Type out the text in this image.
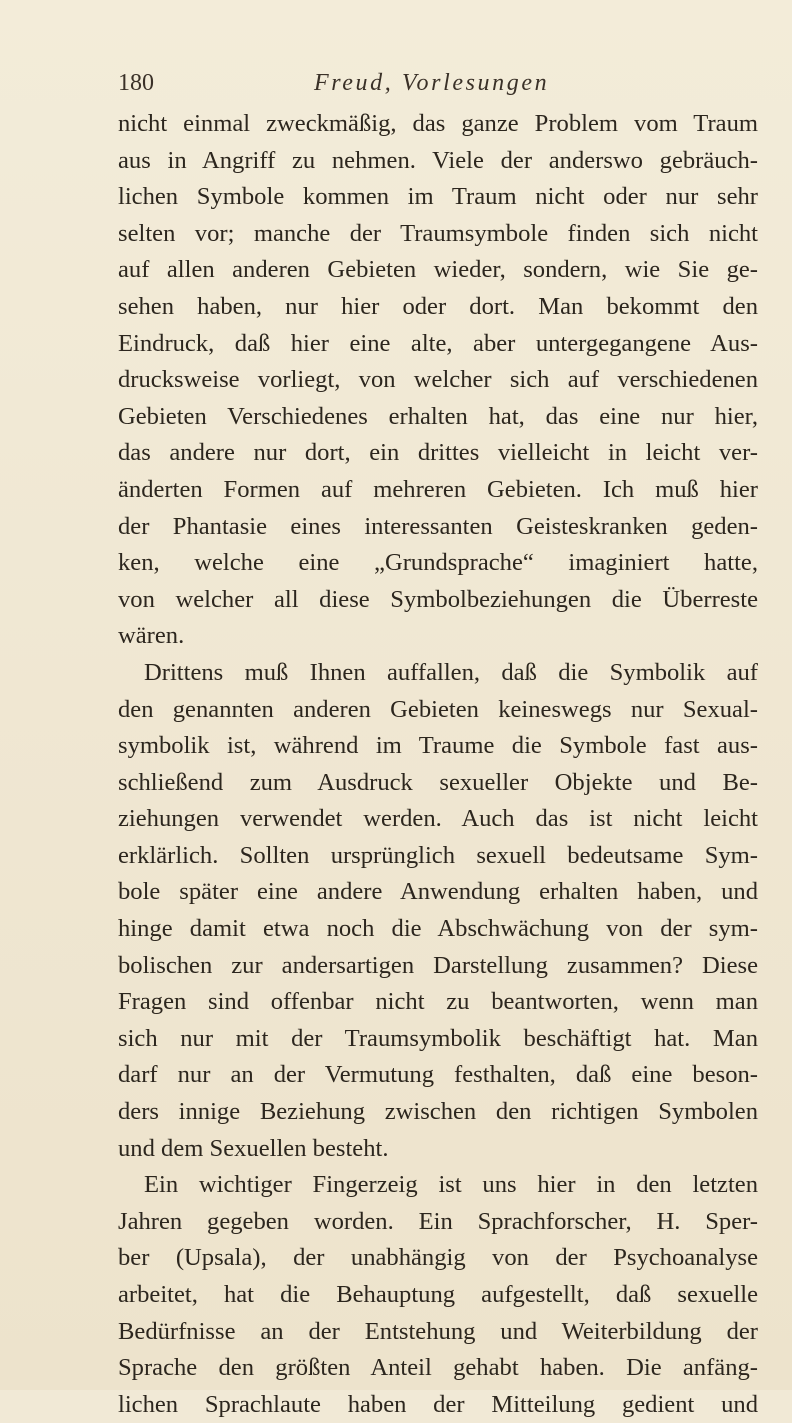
180	Freud, Vorlesungen
nicht einmal zweckmäßig, das ganze Problem vom Traum
aus in Angriff zu nehmen. Viele der anderswo gebräuch-
lichen Symbole kommen im Traum nicht oder nur sehr
selten vor; manche der Traumsymbole finden sich nicht
auf allen anderen Gebieten wieder, sondern, wie Sie ge-
sehen haben, nur hier oder dort. Man bekommt den
Eindruck, daß hier eine alte, aber untergegangene Aus-
drucksweise vorliegt, von welcher sich auf verschiedenen
Gebieten Verschiedenes erhalten hat, das eine nur hier,
das andere nur dort, ein drittes vielleicht in leicht ver-
änderten Formen auf mehreren Gebieten. Ich muß hier
der Phantasie eines interessanten Geisteskranken geden-
ken, welche eine „Grundsprache“ imaginiert hatte,
von welcher all diese Symbolbeziehungen die Überreste
wären.
Drittens muß Ihnen auffallen, daß die Symbolik auf
den genannten anderen Gebieten keineswegs nur Sexual-
symbolik ist, während im Traume die Symbole fast aus-
schließend zum Ausdruck sexueller Objekte und Be-
ziehungen verwendet werden. Auch das ist nicht leicht
erklärlich. Sollten ursprünglich sexuell bedeutsame Sym-
bole später eine andere Anwendung erhalten haben, und
hinge damit etwa noch die Abschwächung von der sym-
bolischen zur andersartigen Darstellung zusammen? Diese
Fragen sind offenbar nicht zu beantworten, wenn man
sich nur mit der Traumsymbolik beschäftigt hat. Man
darf nur an der Vermutung festhalten, daß eine beson-
ders innige Beziehung zwischen den richtigen Symbolen
und dem Sexuellen besteht.
Ein wichtiger Fingerzeig ist uns hier in den letzten
Jahren gegeben worden. Ein Sprachforscher, H. Sper-
ber (Upsala), der unabhängig von der Psychoanalyse
arbeitet, hat die Behauptung aufgestellt, daß sexuelle
Bedürfnisse an der Entstehung und Weiterbildung der
Sprache den größten Anteil gehabt haben. Die anfäng-
lichen Sprachlaute haben der Mitteilung gedient und
